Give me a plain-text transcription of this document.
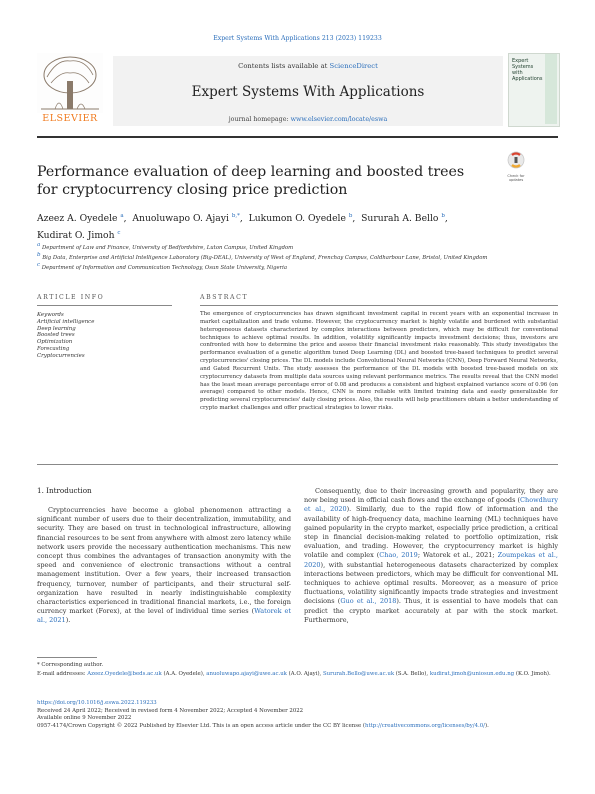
Expert Systems With Applications 213 (2023) 119233
ELSEVIER
Contents lists available at ScienceDirect
Expert Systems With Applications
journal homepage: www.elsevier.com/locate/eswa
Expert
Systems
with
Applications
Performance evaluation of deep learning and boosted trees for cryptocurrency closing price prediction
Check for
updates
Azeez A. Oyedele $^a$,  Anuoluwapo O. Ajayi $^{b,*}$,  Lukumon O. Oyedele $^b$,  Sururah A. Bello $^b$,
Kudirat O. Jimoh $^c$
a Department of Law and Finance, University of Bedfordshire, Luton Campus, United Kingdom
b Big Data, Enterprise and Artificial Intelligence Laboratory (Big-DEAL), University of West of England, Frenchay Campus, Coldharbour Lane, Bristol, United Kingdom
c Department of Information and Communication Technology, Osun State University, Nigeria
ARTICLE INFO	ABSTRACT
Keywords
Artificial intelligence
Deep learning
Boosted trees
Optimization
Forecasting
Cryptocurrencies
The emergence of cryptocurrencies has drawn significant investment capital in recent years with an exponential increase in market capitalization and trade volume. However, the cryptocurrency market is highly volatile and burdened with substantial heterogeneous datasets characterized by complex interactions between predictors, which may be difficult for conventional techniques to achieve optimal results. In addition, volatility significantly impacts investment decisions; thus, investors are confronted with how to determine the price and assess their financial investment risks reasonably. This study investigates the performance evaluation of a genetic algorithm tuned Deep Learning (DL) and boosted tree-based techniques to predict several cryptocurrencies' closing prices. The DL models include Convolutional Neural Networks (CNN), Deep Forward Neural Networks, and Gated Recurrent Units. The study assesses the performance of the DL models with boosted tree-based models on six cryptocurrency datasets from multiple data sources using relevant performance metrics. The results reveal that the CNN model has the least mean average percentage error of 0.08 and produces a consistent and highest explained variance score of 0.96 (on average) compared to other models. Hence, CNN is more reliable with limited training data and easily generalizable for predicting several cryptocurrencies' daily closing prices. Also, the results will help practitioners obtain a better understanding of crypto market challenges and offer practical strategies to lower risks.
1. Introduction

Cryptocurrencies have become a global phenomenon attracting a significant number of users due to their decentralization, immutability, and security. They are based on trust in technological infrastructure, allowing financial resources to be sent from anywhere with almost zero latency while network users provide the necessary authentication mechanisms. This new concept thus combines the advantages of transaction anonymity with the speed and convenience of electronic transactions without a central management institution. Over a few years, their increased transaction frequency, turnover, number of participants, and their structural self-organization have resulted in nearly indistinguishable complexity characteristics experienced in traditional financial markets, i.e., the foreign currency market (Forex), at the level of individual time series (Watorek et al., 2021).

Consequently, due to their increasing growth and popularity, they are now being used in official cash flows and the exchange of goods (Chowdhury et al., 2020). Similarly, due to the rapid flow of information and the availability of high-frequency data, machine learning (ML) techniques have gained popularity in the crypto market, especially price prediction, a critical step in financial decision-making related to portfolio optimization, risk evaluation, and trading. However, the cryptocurrency market is highly volatile and complex (Chao, 2019; Watorek et al., 2021; Zoumpekas et al., 2020), with substantial heterogeneous datasets characterized by complex interactions between predictors, which may be difficult for conventional ML techniques to achieve optimal results. Moreover, as a measure of price fluctuations, volatility significantly impacts trade strategies and investment decisions (Guo et al., 2018). Thus, it is essential to have models that can predict the crypto market accurately at par with the stock market. Furthermore,

* Corresponding author.
E-mail addresses: Azeez.Oyedele@beds.ac.uk (A.A. Oyedele), anuoluwapo.ajayi@uwe.ac.uk (A.O. Ajayi), Sururah.Bello@uwe.ac.uk (S.A. Bello), kudirat.jimoh@uniosun.edu.ng (K.O. Jimoh).
https://doi.org/10.1016/j.eswa.2022.119233
Received 24 April 2022; Received in revised form 4 November 2022; Accepted 4 November 2022
Available online 9 November 2022
0957-4174/Crown Copyright © 2022 Published by Elsevier Ltd. This is an open access article under the CC BY license (http://creativecommons.org/licenses/by/4.0/).
